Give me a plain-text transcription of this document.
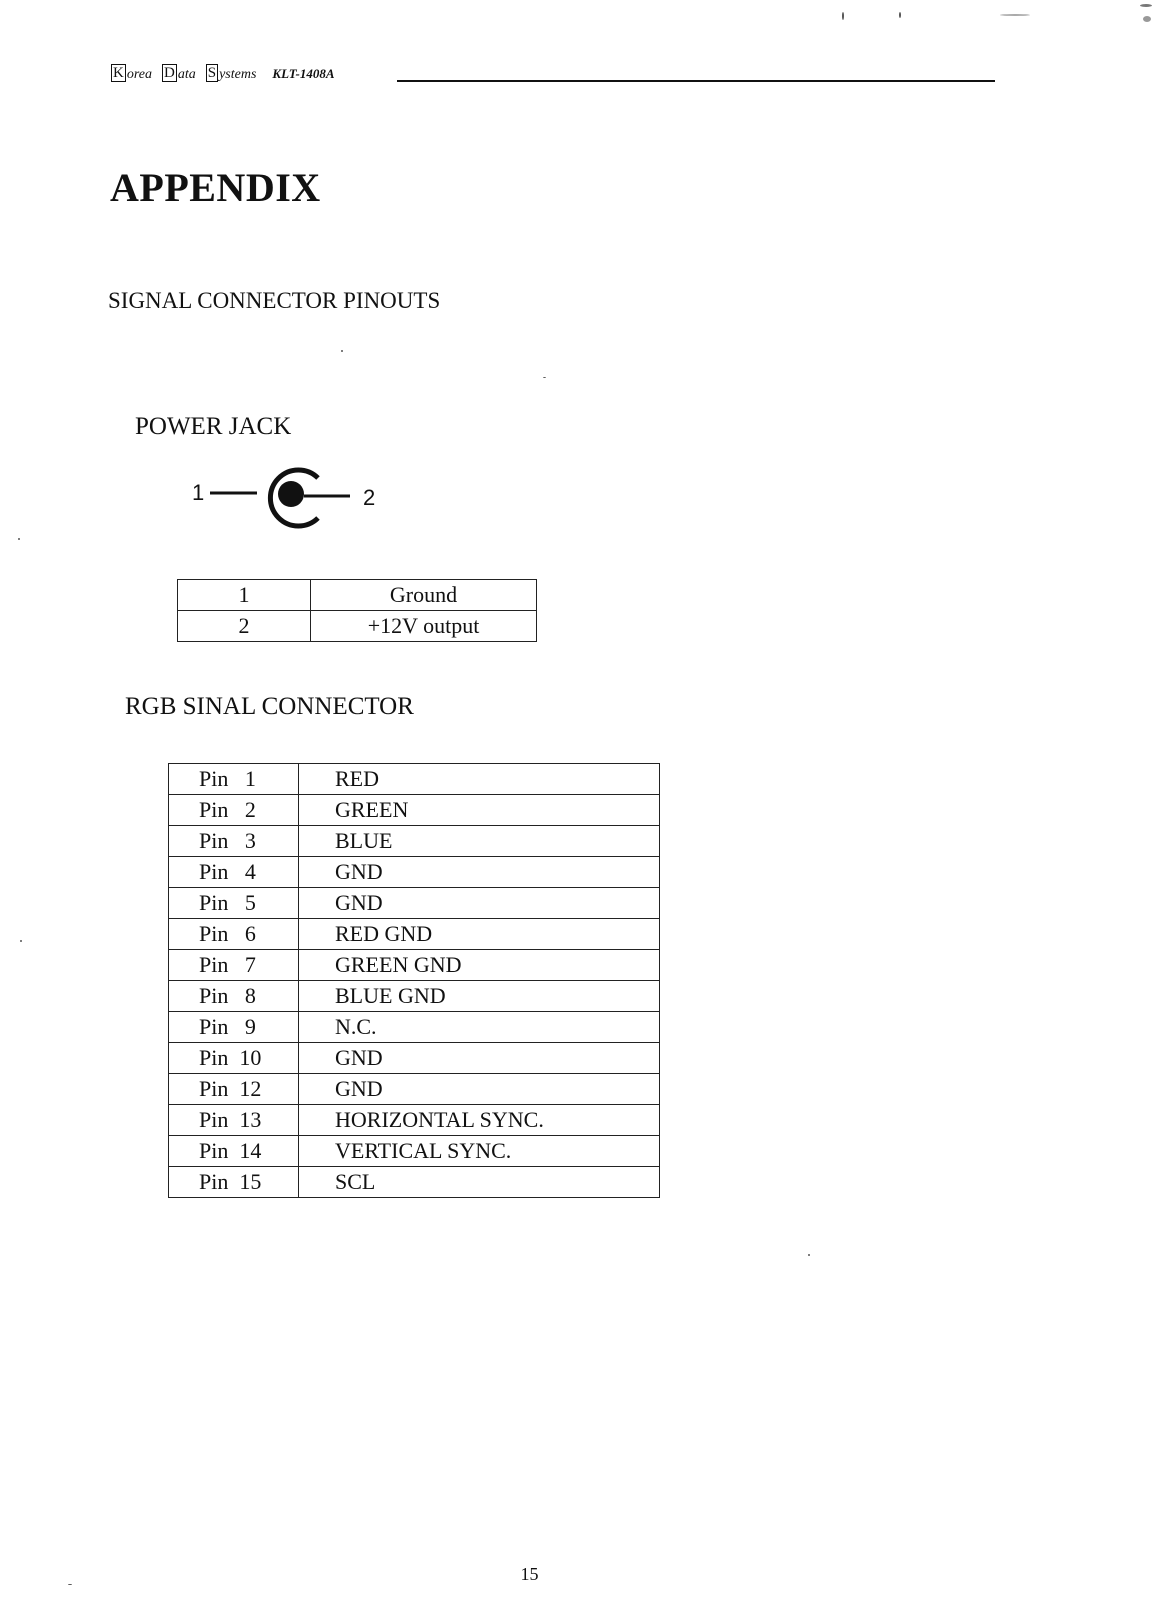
K orea D ata S ystems KLT-1408A
APPENDIX
SIGNAL CONNECTOR PINOUTS
POWER JACK
1	2
1	Ground
2	+12V output
RGB SINAL CONNECTOR
Pin   1	RED
Pin   2	GREEN
Pin   3	BLUE
Pin   4	GND
Pin   5	GND
Pin   6	RED GND
Pin   7	GREEN GND
Pin   8	BLUE GND
Pin   9	N.C.
Pin  10	GND
Pin  12	GND
Pin  13	HORIZONTAL SYNC.
Pin  14	VERTICAL SYNC.
Pin  15	SCL
15
